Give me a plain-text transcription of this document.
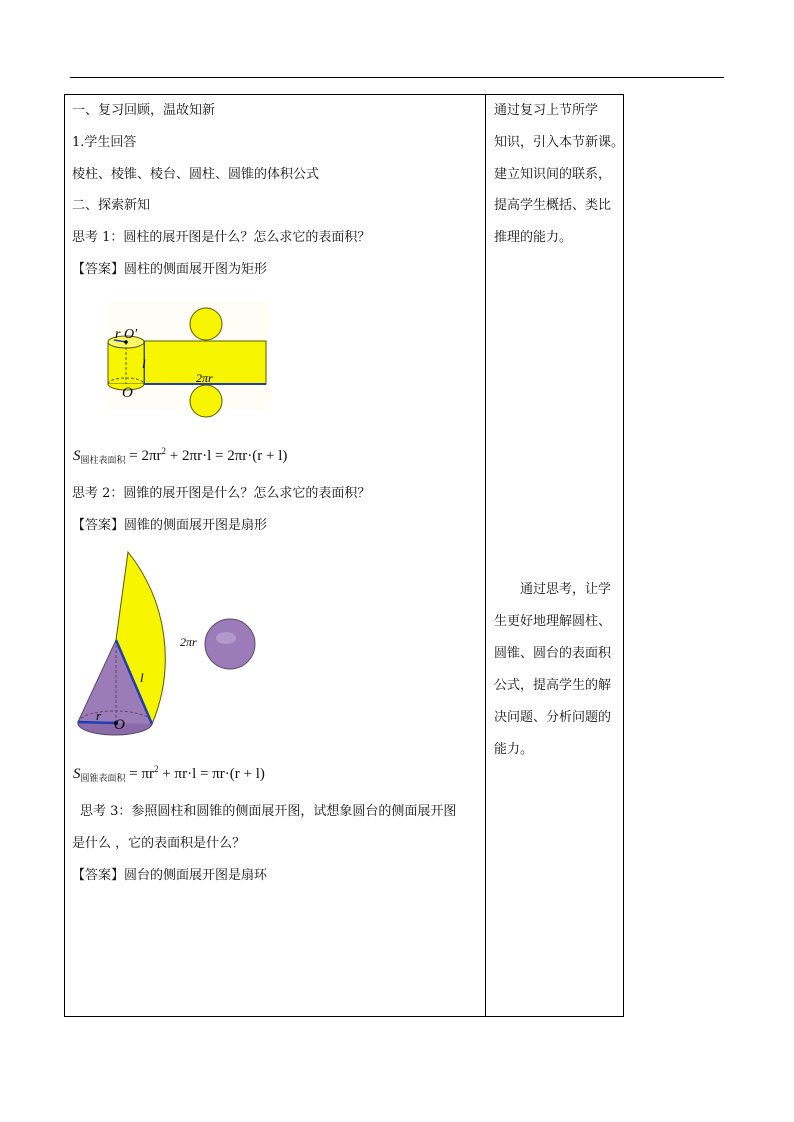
一、复习回顾，温故知新
1.学生回答
棱柱、棱锥、棱台、圆柱、圆锥的体积公式
二、探索新知
思考 1：圆柱的展开图是什么？怎么求它的表面积？
【答案】圆柱的侧面展开图为矩形
r O′
l
O
2πr
$S_{圆柱表面积} = 2\pi r^2 + 2\pi r\cdot l = 2\pi r\cdot(r + l)$
思考 2：圆锥的展开图是什么？怎么求它的表面积？
【答案】圆锥的侧面展开图是扇形
2πr
l
r
O
$S_{圆锥表面积} = \pi r^2 + \pi r\cdot l = \pi r\cdot(r + l)$
思考 3：参照圆柱和圆锥的侧面展开图，试想象圆台的侧面展开图
是什么 ，它的表面积是什么？
【答案】圆台的侧面展开图是扇环
通过复习上节所学
知识，引入本节新课。
建立知识间的联系，
提高学生概括、类比
推理的能力。
通过思考，让学
生更好地理解圆柱、
圆锥、圆台的表面积
公式，提高学生的解
决问题、分析问题的
能力。
